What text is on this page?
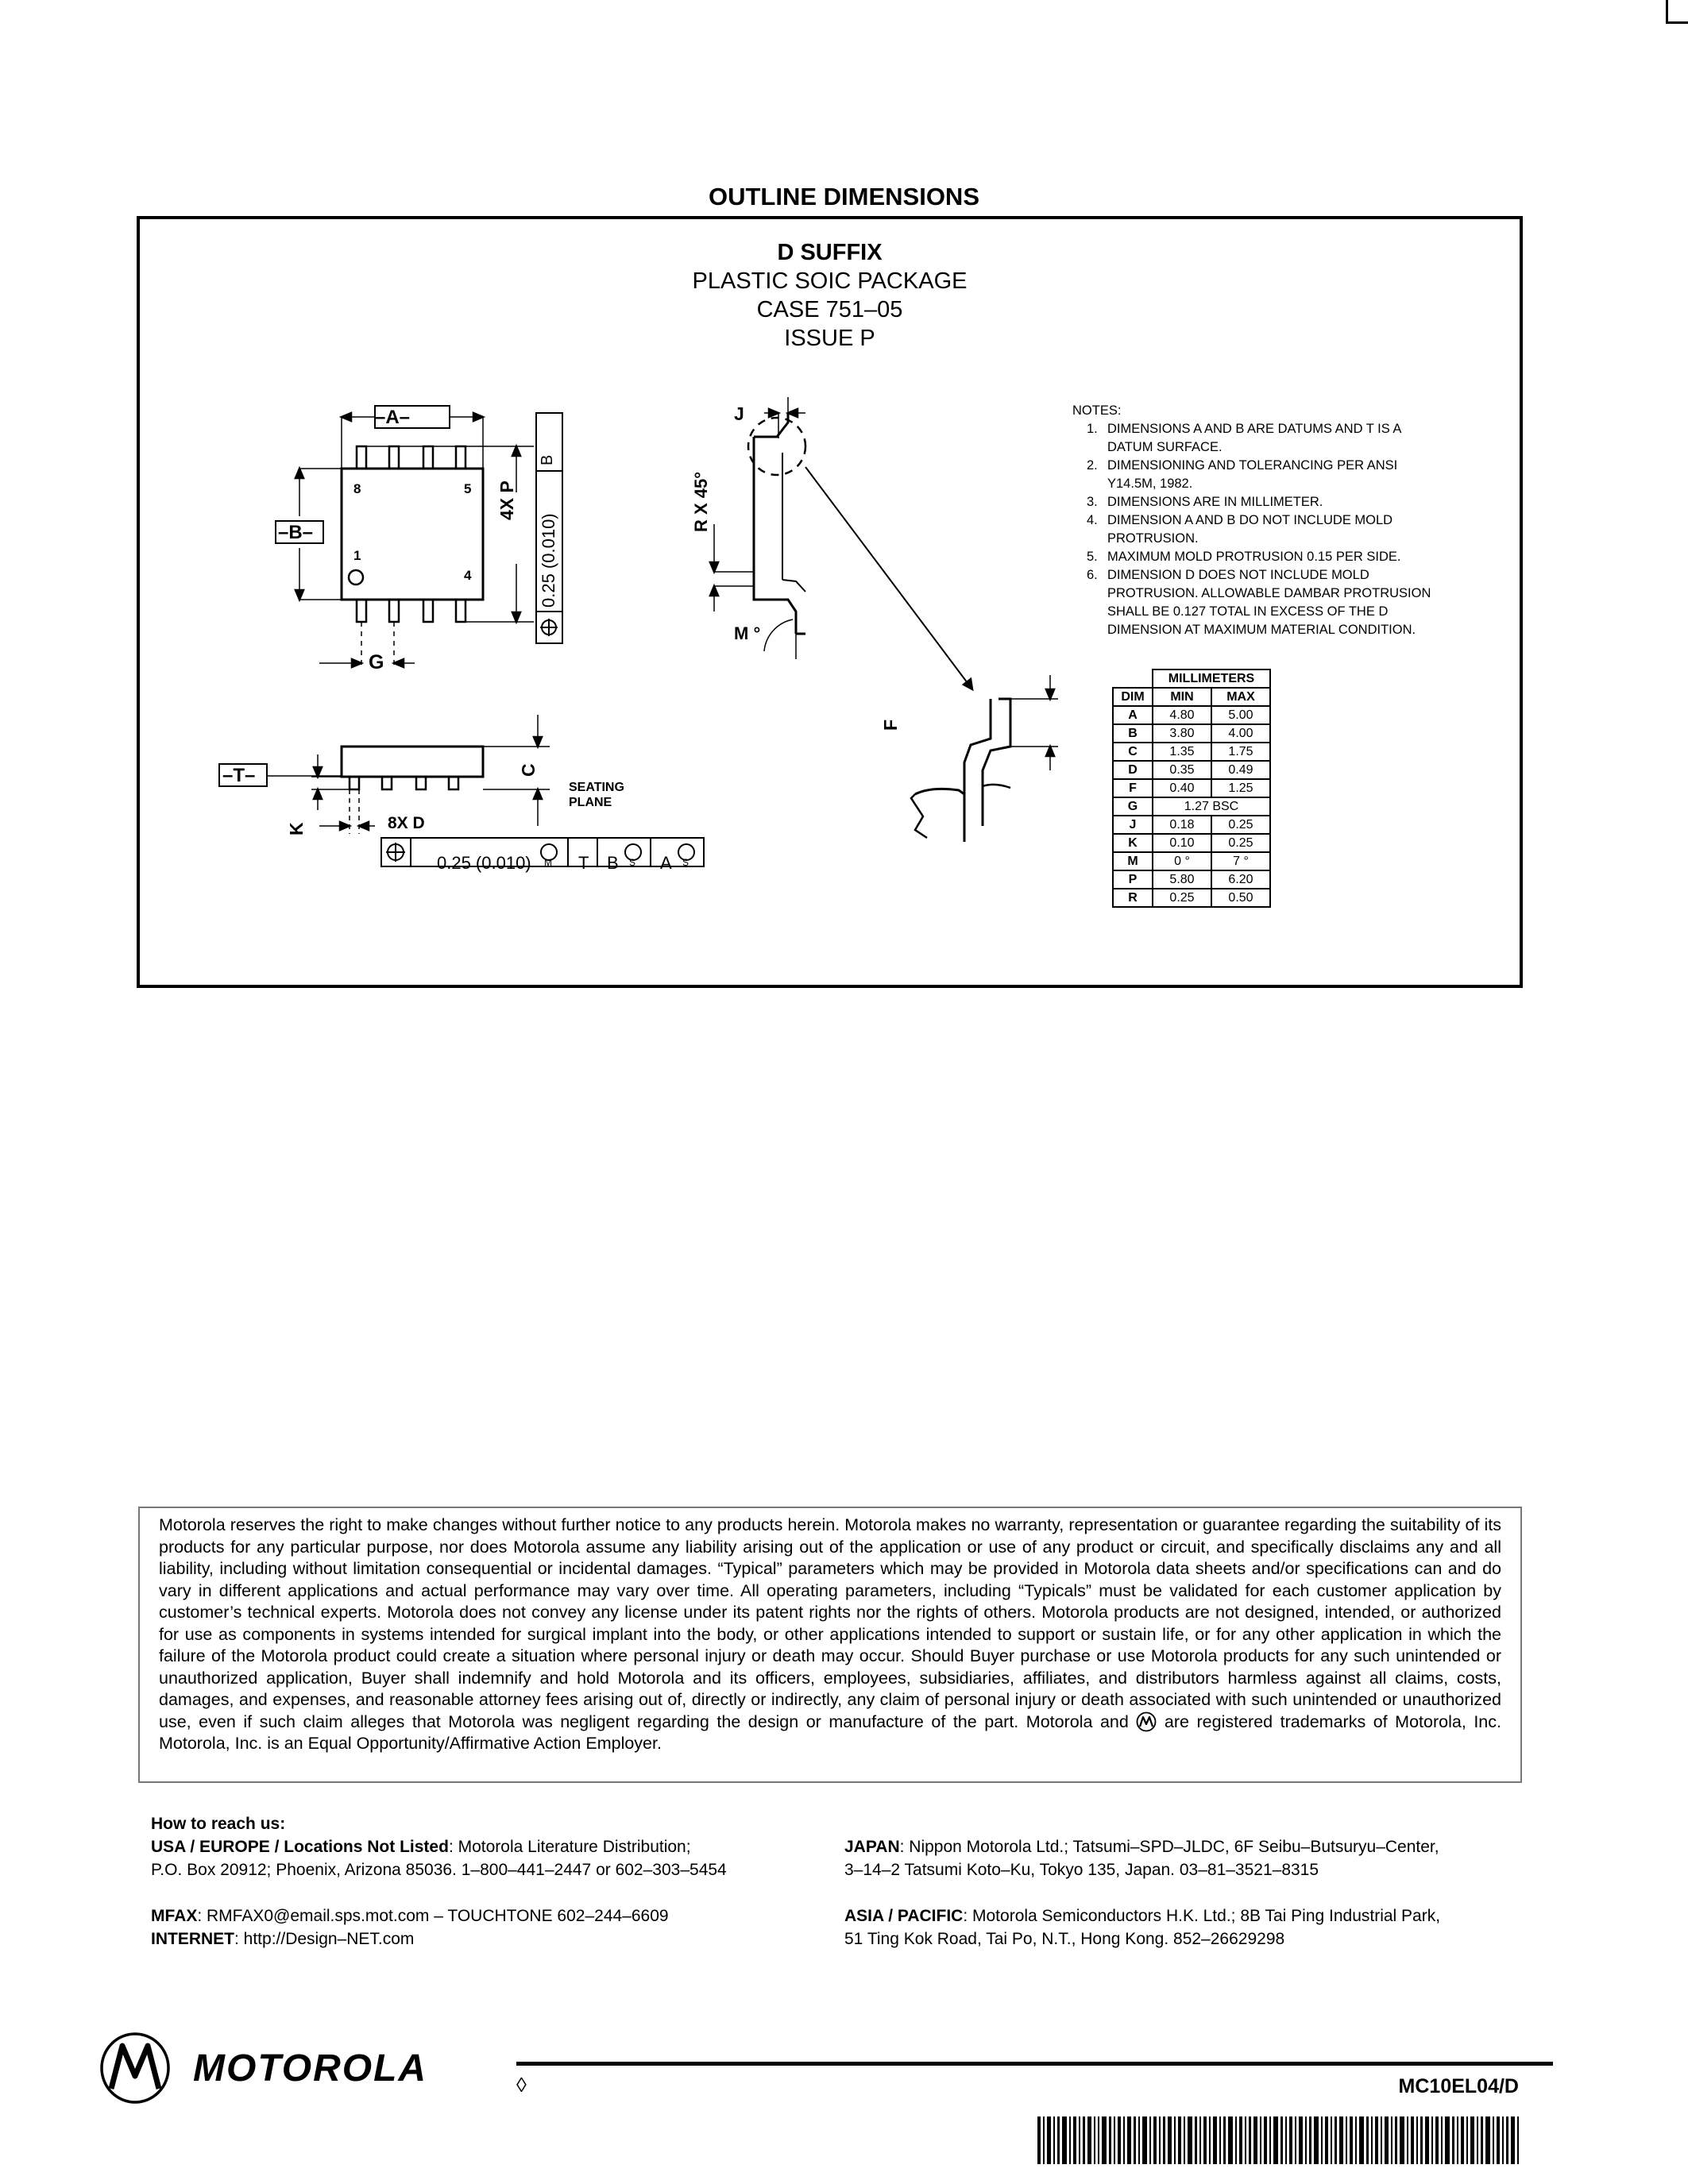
OUTLINE DIMENSIONS
D SUFFIX
PLASTIC SOIC PACKAGE
CASE 751–05
ISSUE P
–A–
–B–
–T–
8	5
1
4
G
4X P
0.25 (0.010)
B
J
R X 45°
M °
F
C
K	8X D
SEATING
PLANE
0.25 (0.010)	T B A
M	S	S
NOTES:
1. DIMENSIONS A AND B ARE DATUMS AND T IS A DATUM SURFACE.
2. DIMENSIONING AND TOLERANCING PER ANSI Y14.5M, 1982.
3. DIMENSIONS ARE IN MILLIMETER.
4. DIMENSION A AND B DO NOT INCLUDE MOLD PROTRUSION.
5. MAXIMUM MOLD PROTRUSION 0.15 PER SIDE.
6. DIMENSION D DOES NOT INCLUDE MOLD PROTRUSION. ALLOWABLE DAMBAR PROTRUSION SHALL BE 0.127 TOTAL IN EXCESS OF THE D DIMENSION AT MAXIMUM MATERIAL CONDITION.
	MILLIMETERS	
DIM	MIN	MAX
A	4.80	5.00
B	3.80	4.00
C	1.35	1.75
D	0.35	0.49
F	0.40	1.25
G	1.27 BSC	
J	0.18	0.25
K	0.10	0.25
M	0 °	7 °
P	5.80	6.20
R	0.25	0.50
Motorola reserves the right to make changes without further notice to any products herein. Motorola makes no warranty, representation or guarantee regarding the suitability of its products for any particular purpose, nor does Motorola assume any liability arising out of the application or use of any product or circuit, and specifically disclaims any and all liability, including without limitation consequential or incidental damages. “Typical” parameters which may be provided in Motorola data sheets and/or specifications can and do vary in different applications and actual performance may vary over time. All operating parameters, including “Typicals” must be validated for each customer application by customer’s technical experts. Motorola does not convey any license under its patent rights nor the rights of others. Motorola products are not designed, intended, or authorized for use as components in systems intended for surgical implant into the body, or other applications intended to support or sustain life, or for any other application in which the failure of the Motorola product could create a situation where personal injury or death may occur. Should Buyer purchase or use Motorola products for any such unintended or unauthorized application, Buyer shall indemnify and hold Motorola and its officers, employees, subsidiaries, affiliates, and distributors harmless against all claims, costs, damages, and expenses, and reasonable attorney fees arising out of, directly or indirectly, any claim of personal injury or death associated with such unintended or unauthorized use, even if such claim alleges that Motorola was negligent regarding the design or manufacture of the part. Motorola and are registered trademarks of Motorola, Inc. Motorola, Inc. is an Equal Opportunity/Affirmative Action Employer.
How to reach us:
USA / EUROPE / Locations Not Listed: Motorola Literature Distribution;
P.O. Box 20912; Phoenix, Arizona 85036. 1–800–441–2447 or 602–303–5454
MFAX: RMFAX0@email.sps.mot.com – TOUCHTONE 602–244–6609
INTERNET: http://Design–NET.com
JAPAN: Nippon Motorola Ltd.; Tatsumi–SPD–JLDC, 6F Seibu–Butsuryu–Center,
3–14–2 Tatsumi Koto–Ku, Tokyo 135, Japan. 03–81–3521–8315
ASIA / PACIFIC: Motorola Semiconductors H.K. Ltd.; 8B Tai Ping Industrial Park,
51 Ting Kok Road, Tai Po, N.T., Hong Kong. 852–26629298
MOTOROLA	◊	MC10EL04/D
